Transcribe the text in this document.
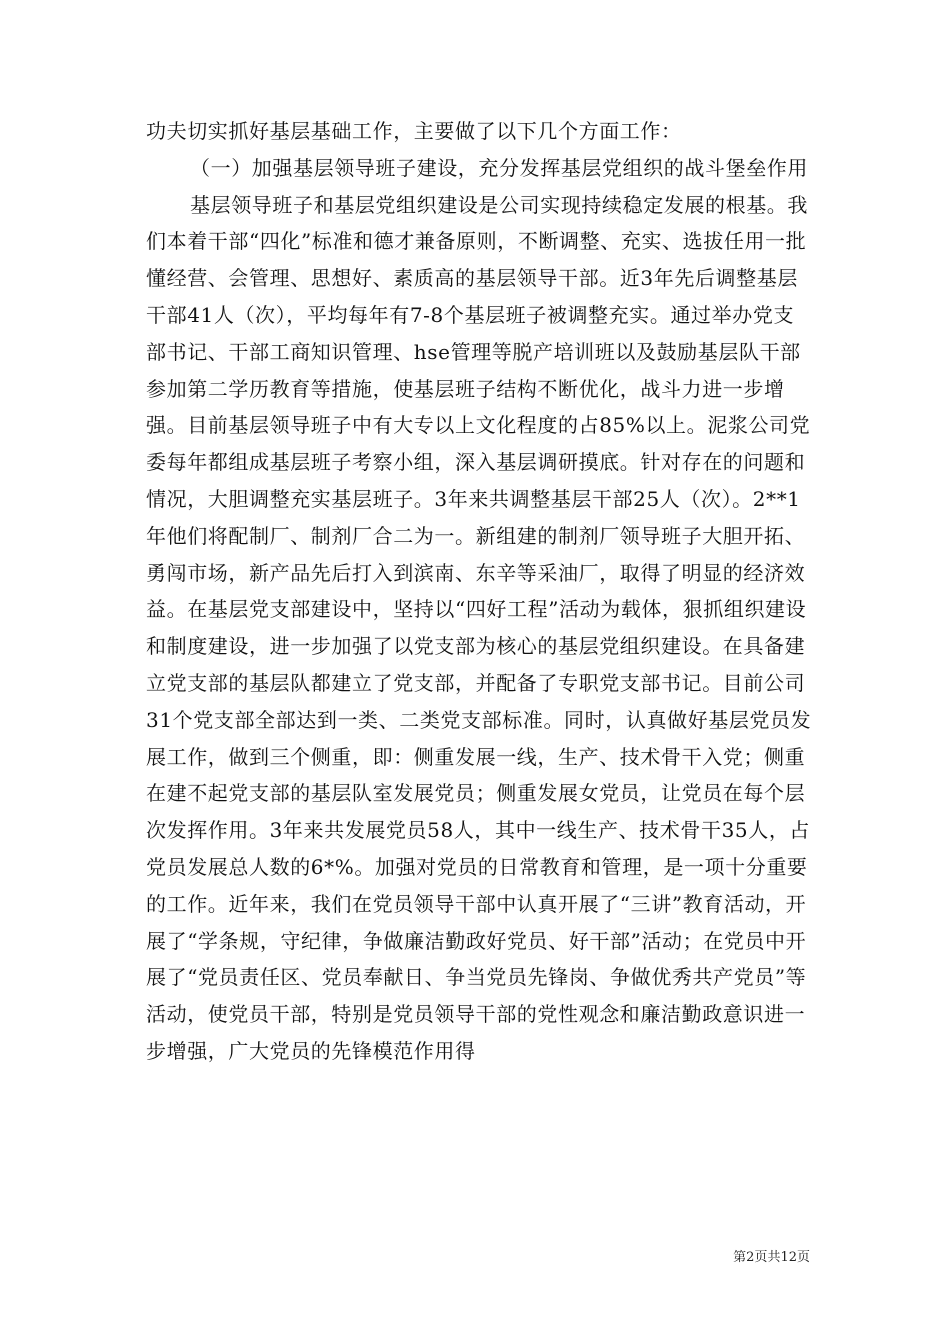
功夫切实抓好基层基础工作，主要做了以下几个方面工作：

（一）加强基层领导班子建设，充分发挥基层党组织的战斗堡垒作用

基层领导班子和基层党组织建设是公司实现持续稳定发展的根基。我们本着干部“四化”标准和德才兼备原则，不断调整、充实、选拔任用一批懂经营、会管理、思想好、素质高的基层领导干部。近3年先后调整基层干部41人（次），平均每年有7-8个基层班子被调整充实。通过举办党支部书记、干部工商知识管理、hse管理等脱产培训班以及鼓励基层队干部参加第二学历教育等措施，使基层班子结构不断优化，战斗力进一步增强。目前基层领导班子中有大专以上文化程度的占85%以上。泥浆公司党委每年都组成基层班子考察小组，深入基层调研摸底。针对存在的问题和情况，大胆调整充实基层班子。3年来共调整基层干部25人（次）。2**1年他们将配制厂、制剂厂合二为一。新组建的制剂厂领导班子大胆开拓、勇闯市场，新产品先后打入到滨南、东辛等采油厂，取得了明显的经济效益。在基层党支部建设中，坚持以“四好工程”活动为载体，狠抓组织建设和制度建设，进一步加强了以党支部为核心的基层党组织建设。在具备建立党支部的基层队都建立了党支部，并配备了专职党支部书记。目前公司31个党支部全部达到一类、二类党支部标准。同时，认真做好基层党员发展工作，做到三个侧重，即：侧重发展一线，生产、技术骨干入党；侧重在建不起党支部的基层队室发展党员；侧重发展女党员，让党员在每个层次发挥作用。3年来共发展党员58人，其中一线生产、技术骨干35人，占党员发展总人数的6*%。加强对党员的日常教育和管理，是一项十分重要的工作。近年来，我们在党员领导干部中认真开展了“三讲”教育活动，开展了“学条规，守纪律，争做廉洁勤政好党员、好干部”活动；在党员中开展了“党员责任区、党员奉献日、争当党员先锋岗、争做优秀共产党员”等活动，使党员干部，特别是党员领导干部的党性观念和廉洁勤政意识进一步增强，广大党员的先锋模范作用得

第2页共12页
